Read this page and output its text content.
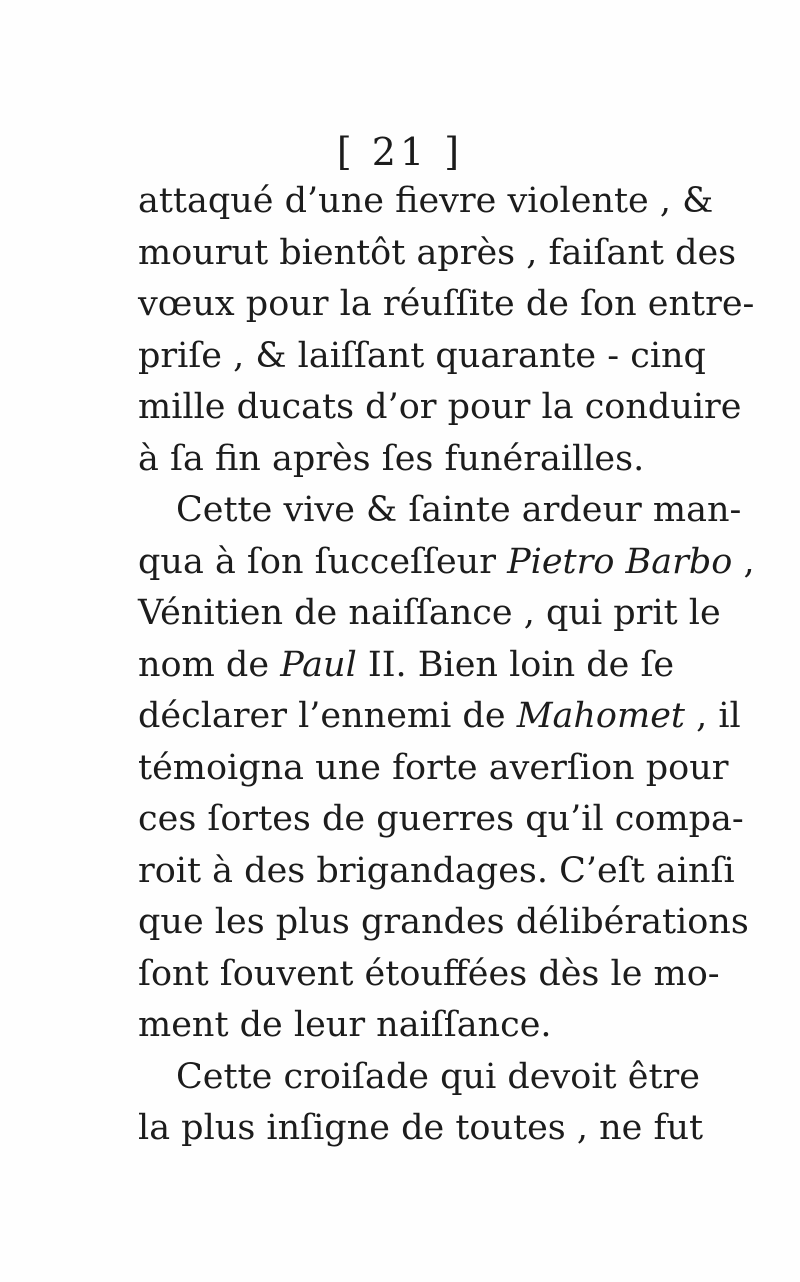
[ 21 ]
attaqué d’une fievre violente , &
mourut bientôt après , faiſant des
vœux pour la réuſſite de ſon entre-
priſe , & laiſſant quarante - cinq
mille ducats d’or pour la conduire
à ſa fin après ſes funérailles.
Cette vive & ſainte ardeur man-
qua à ſon ſucceſſeur Pietro Barbo ,
Vénitien de naiſſance , qui prit le
nom de Paul II. Bien loin de ſe
déclarer l’ennemi de Mahomet , il
témoigna une forte averſion pour
ces ſortes de guerres qu’il compa-
roit à des brigandages. C’eſt ainſi
que les plus grandes délibérations
ſont ſouvent étouffées dès le mo-
ment de leur naiſſance.
Cette croiſade qui devoit être
la plus inſigne de toutes , ne fut
